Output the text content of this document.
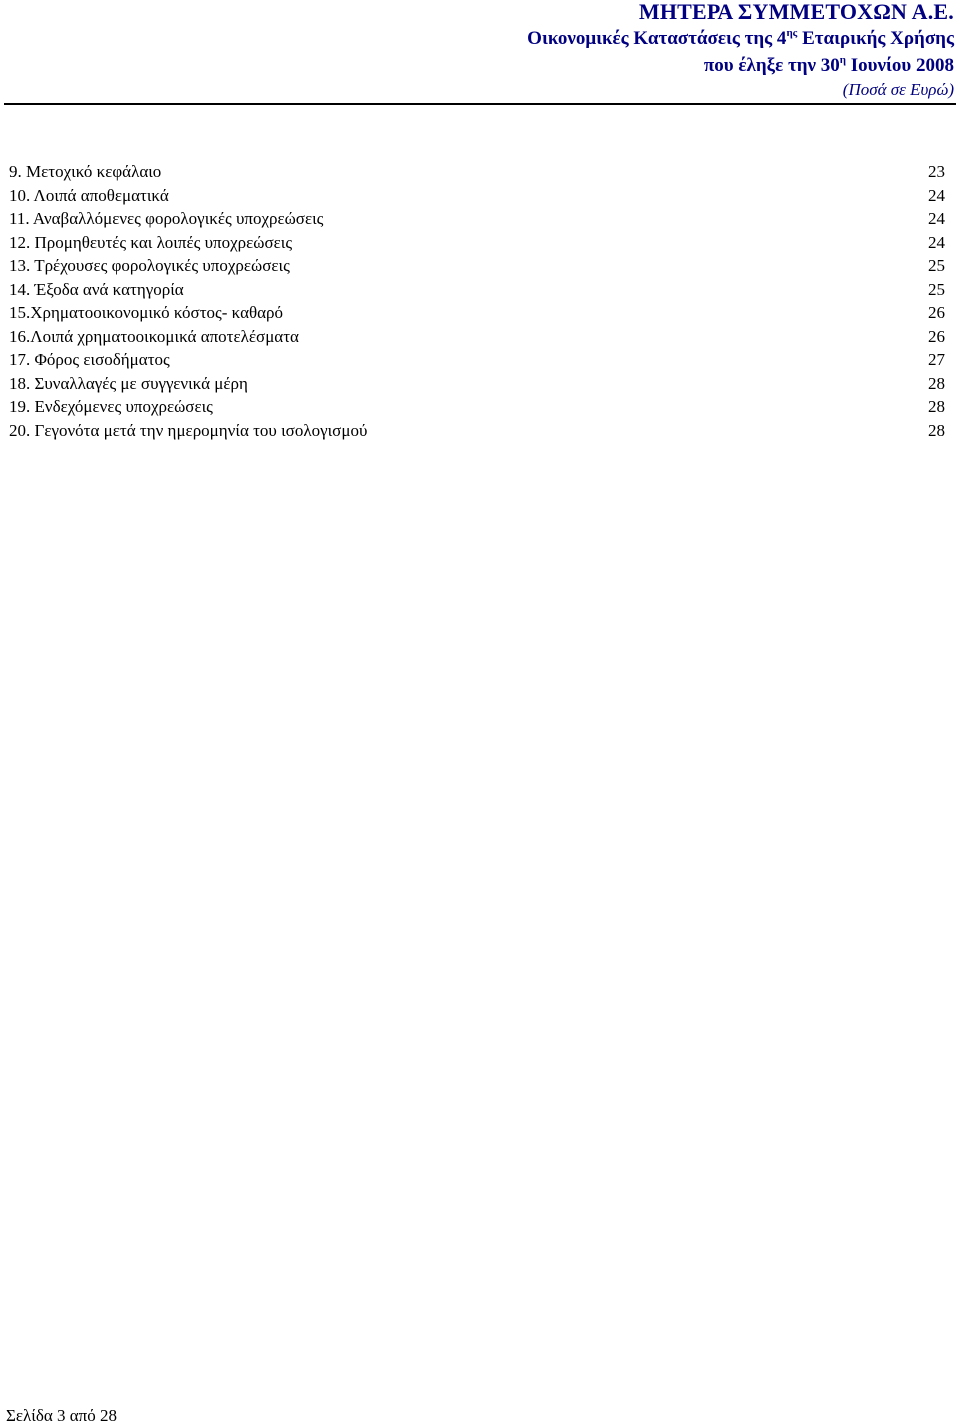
ΜΗΤΕΡΑ ΣΥΜΜΕΤΟΧΩΝ Α.Ε.
Οικονομικές Καταστάσεις της $4^{\eta\varsigma}$ Εταιρικής Χρήσης
που έληξε την $30^\eta$ Ιουνίου 2008
(Ποσά σε Ευρώ)
9. Μετοχικό κεφάλαιο	23
10. Λοιπά αποθεματικά	24
11. Αναβαλλόμενες φορολογικές υποχρεώσεις	24
12. Προμηθευτές και λοιπές υποχρεώσεις	24
13. Τρέχουσες φορολογικές υποχρεώσεις	25
14. Έξοδα ανά κατηγορία	25
15.Χρηματοοικονομικό κόστος- καθαρό	26
16.Λοιπά χρηματοοικομικά αποτελέσματα	26
17. Φόρος εισοδήματος	27
18. Συναλλαγές με συγγενικά μέρη	28
19. Ενδεχόμενες υποχρεώσεις	28
20. Γεγονότα μετά την ημερομηνία του ισολογισμού	28
Σελίδα 3 από 28
